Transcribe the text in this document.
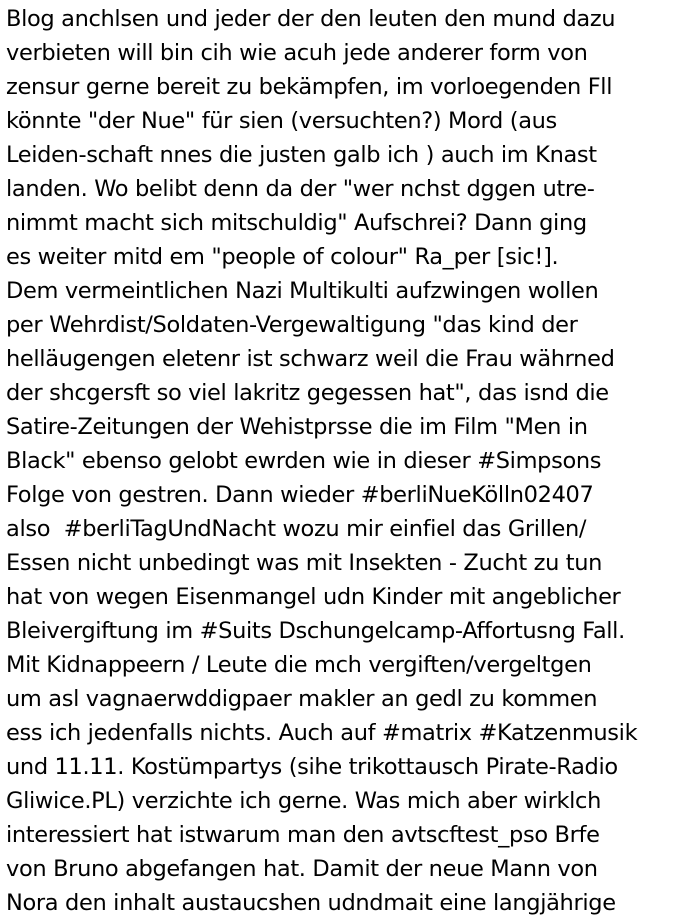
Blog anchlsen und jeder der den leuten den mund dazu
verbieten will bin cih wie acuh jede anderer form von
zensur gerne bereit zu bekämpfen, im vorloegenden Fll
könnte "der Nue" für sien (versuchten?) Mord (aus
Leiden-schaft nnes die justen galb ich ) auch im Knast
landen. Wo belibt denn da der "wer nchst dggen utre-
nimmt macht sich mitschuldig" Aufschrei? Dann ging
es weiter mitd em "people of colour" Ra_per [sic!].
Dem vermeintlichen Nazi Multikulti aufzwingen wollen
per Wehrdist/Soldaten-Vergewaltigung "das kind der
helläugengen eletenr ist schwarz weil die Frau währned
der shcgersft so viel lakritz gegessen hat", das isnd die
Satire-Zeitungen der Wehistprsse die im Film "Men in
Black" ebenso gelobt ewrden wie in dieser #Simpsons
Folge von gestren. Dann wieder #berliNueKölln02407
also  #berliTagUndNacht wozu mir einfiel das Grillen/
Essen nicht unbedingt was mit Insekten - Zucht zu tun
hat von wegen Eisenmangel udn Kinder mit angeblicher
Bleivergiftung im #Suits Dschungelcamp-Affortusng Fall.
Mit Kidnappeern / Leute die mch vergiften/vergeltgen
um asl vagnaerwddigpaer makler an gedl zu kommen
ess ich jedenfalls nichts. Auch auf #matrix #Katzenmusik
und 11.11. Kostümpartys (sihe trikottausch Pirate-Radio
Gliwice.PL) verzichte ich gerne. Was mich aber wirklch
interessiert hat istwarum man den avtscftest_pso Brfe
von Bruno abgefangen hat. Damit der neue Mann von
Nora den inhalt austaucshen udndmait eine langjährige
